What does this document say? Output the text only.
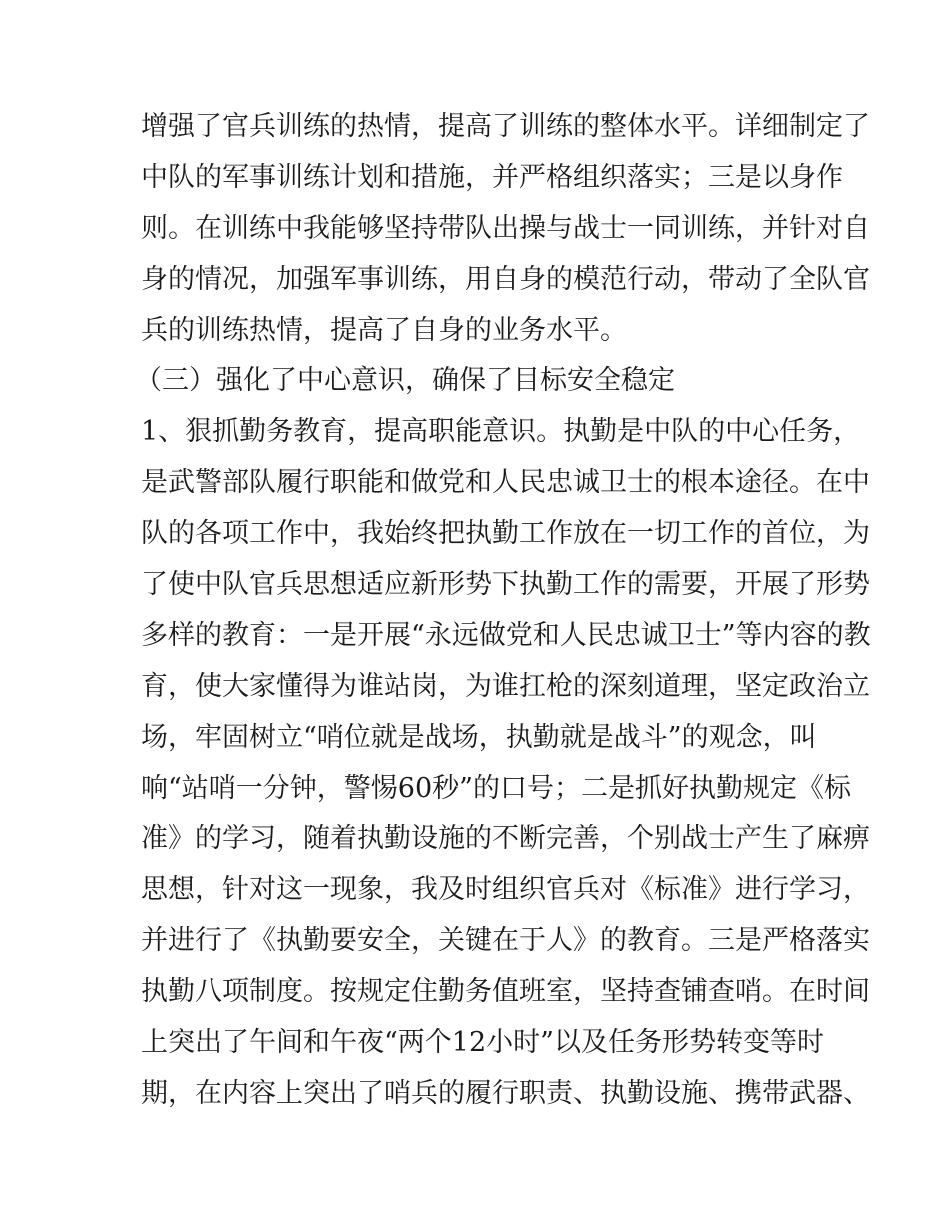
增强了官兵训练的热情，提高了训练的整体水平。详细制定了
中队的军事训练计划和措施，并严格组织落实；三是以身作
则。在训练中我能够坚持带队出操与战士一同训练，并针对自
身的情况，加强军事训练，用自身的模范行动，带动了全队官
兵的训练热情，提高了自身的业务水平。
（三）强化了中心意识，确保了目标安全稳定
1、狠抓勤务教育，提高职能意识。执勤是中队的中心任务，
是武警部队履行职能和做党和人民忠诚卫士的根本途径。在中
队的各项工作中，我始终把执勤工作放在一切工作的首位，为
了使中队官兵思想适应新形势下执勤工作的需要，开展了形势
多样的教育：一是开展“永远做党和人民忠诚卫士”等内容的教
育，使大家懂得为谁站岗，为谁扛枪的深刻道理，坚定政治立
场，牢固树立“哨位就是战场，执勤就是战斗”的观念，叫
响“站哨一分钟，警惕60秒”的口号；二是抓好执勤规定《标
准》的学习，随着执勤设施的不断完善，个别战士产生了麻痹
思想，针对这一现象，我及时组织官兵对《标准》进行学习，
并进行了《执勤要安全，关键在于人》的教育。三是严格落实
执勤八项制度。按规定住勤务值班室，坚持查铺查哨。在时间
上突出了午间和午夜“两个12小时”以及任务形势转变等时
期，在内容上突出了哨兵的履行职责、执勤设施、携带武器、
